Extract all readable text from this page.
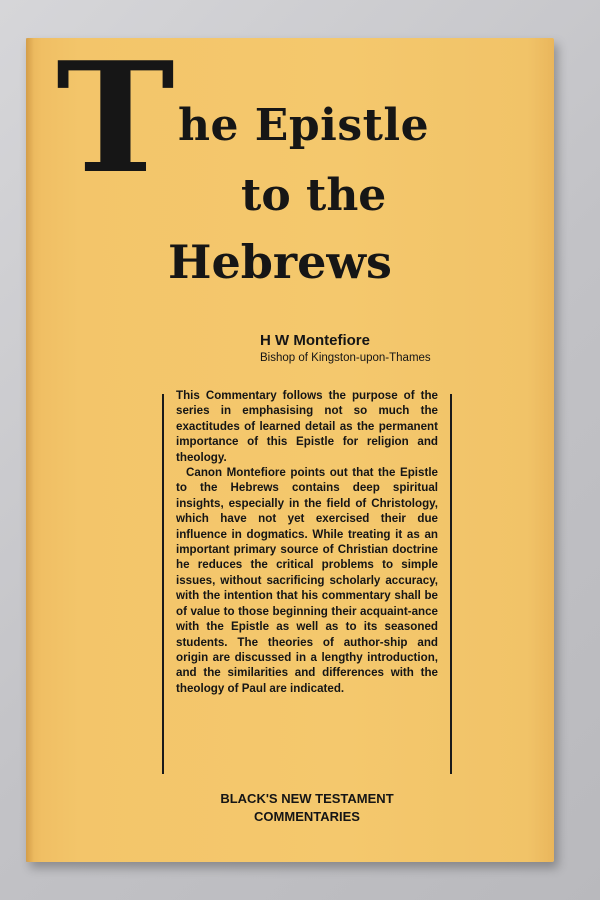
T he Epistle
to the
Hebrews
H W Montefiore
Bishop of Kingston-upon-Thames

This Commentary follows the purpose of the series in emphasising not so much the exactitudes of learned detail as the permanent importance of this Epistle for religion and theology.

Canon Montefiore points out that the Epistle to the Hebrews contains deep spiritual insights, especially in the field of Christology, which have not yet exercised their due influence in dogmatics. While treating it as an important primary source of Christian doctrine he reduces the critical problems to simple issues, without sacrificing scholarly accuracy, with the intention that his commentary shall be of value to those beginning their acquaint-ance with the Epistle as well as to its seasoned students. The theories of author-ship and origin are discussed in a lengthy introduction, and the similarities and differences with the theology of Paul are indicated.

BLACK'S NEW TESTAMENT
COMMENTARIES
